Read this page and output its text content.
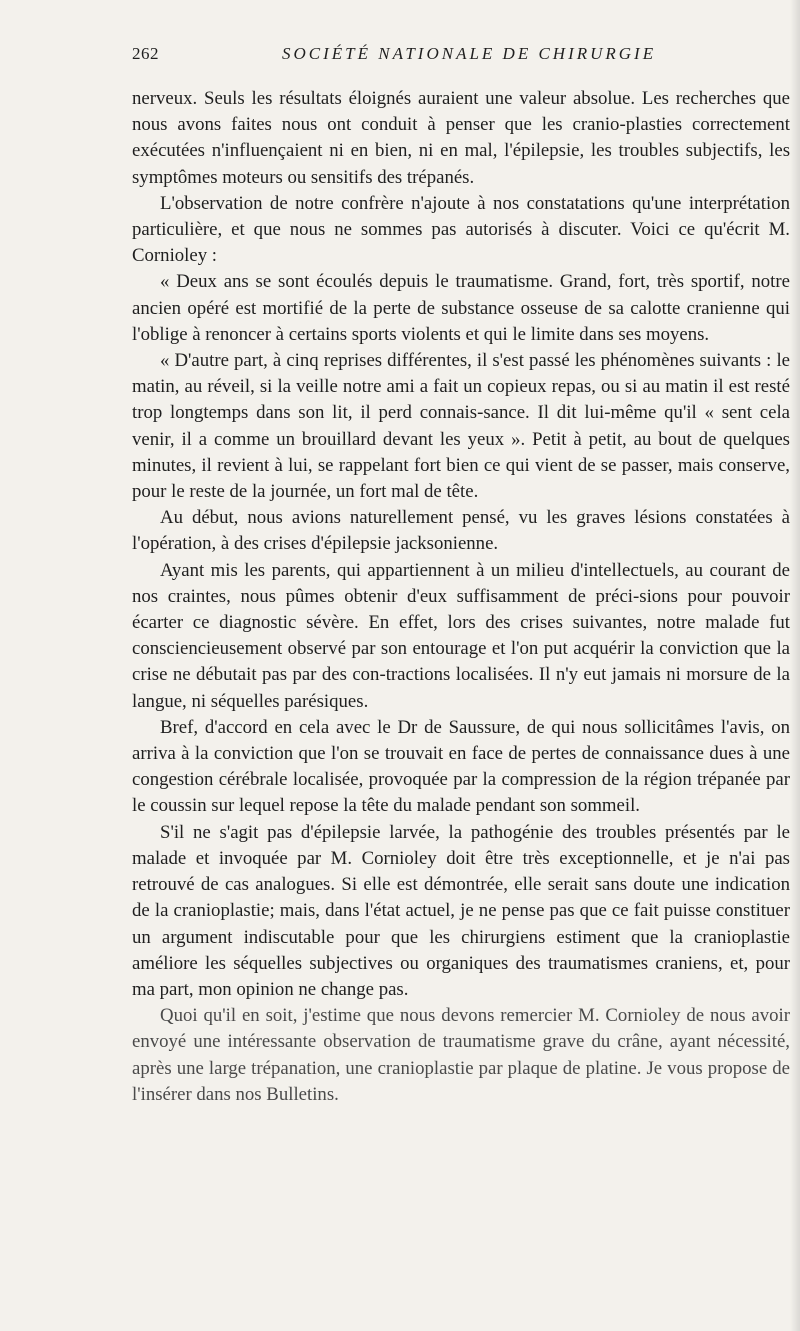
262	SOCIÉTÉ NATIONALE DE CHIRURGIE

nerveux. Seuls les résultats éloignés auraient une valeur absolue. Les recherches que nous avons faites nous ont conduit à penser que les cranio-plasties correctement exécutées n'influençaient ni en bien, ni en mal, l'épilepsie, les troubles subjectifs, les symptômes moteurs ou sensitifs des trépanés.

L'observation de notre confrère n'ajoute à nos constatations qu'une interprétation particulière, et que nous ne sommes pas autorisés à discuter. Voici ce qu'écrit M. Cornioley :

« Deux ans se sont écoulés depuis le traumatisme. Grand, fort, très sportif, notre ancien opéré est mortifié de la perte de substance osseuse de sa calotte cranienne qui l'oblige à renoncer à certains sports violents et qui le limite dans ses moyens.

« D'autre part, à cinq reprises différentes, il s'est passé les phénomènes suivants : le matin, au réveil, si la veille notre ami a fait un copieux repas, ou si au matin il est resté trop longtemps dans son lit, il perd connais-sance. Il dit lui-même qu'il « sent cela venir, il a comme un brouillard devant les yeux ». Petit à petit, au bout de quelques minutes, il revient à lui, se rappelant fort bien ce qui vient de se passer, mais conserve, pour le reste de la journée, un fort mal de tête.

Au début, nous avions naturellement pensé, vu les graves lésions constatées à l'opération, à des crises d'épilepsie jacksonienne.

Ayant mis les parents, qui appartiennent à un milieu d'intellectuels, au courant de nos craintes, nous pûmes obtenir d'eux suffisamment de préci-sions pour pouvoir écarter ce diagnostic sévère. En effet, lors des crises suivantes, notre malade fut consciencieusement observé par son entourage et l'on put acquérir la conviction que la crise ne débutait pas par des con-tractions localisées. Il n'y eut jamais ni morsure de la langue, ni séquelles parésiques.

Bref, d'accord en cela avec le Dr de Saussure, de qui nous sollicitâmes l'avis, on arriva à la conviction que l'on se trouvait en face de pertes de connaissance dues à une congestion cérébrale localisée, provoquée par la compression de la région trépanée par le coussin sur lequel repose la tête du malade pendant son sommeil.

S'il ne s'agit pas d'épilepsie larvée, la pathogénie des troubles présentés par le malade et invoquée par M. Cornioley doit être très exceptionnelle, et je n'ai pas retrouvé de cas analogues. Si elle est démontrée, elle serait sans doute une indication de la cranioplastie; mais, dans l'état actuel, je ne pense pas que ce fait puisse constituer un argument indiscutable pour que les chirurgiens estiment que la cranioplastie améliore les séquelles subjectives ou organiques des traumatismes craniens, et, pour ma part, mon opinion ne change pas.

Quoi qu'il en soit, j'estime que nous devons remercier M. Cornioley de nous avoir envoyé une intéressante observation de traumatisme grave du crâne, ayant nécessité, après une large trépanation, une cranioplastie par plaque de platine. Je vous propose de l'insérer dans nos Bulletins.
